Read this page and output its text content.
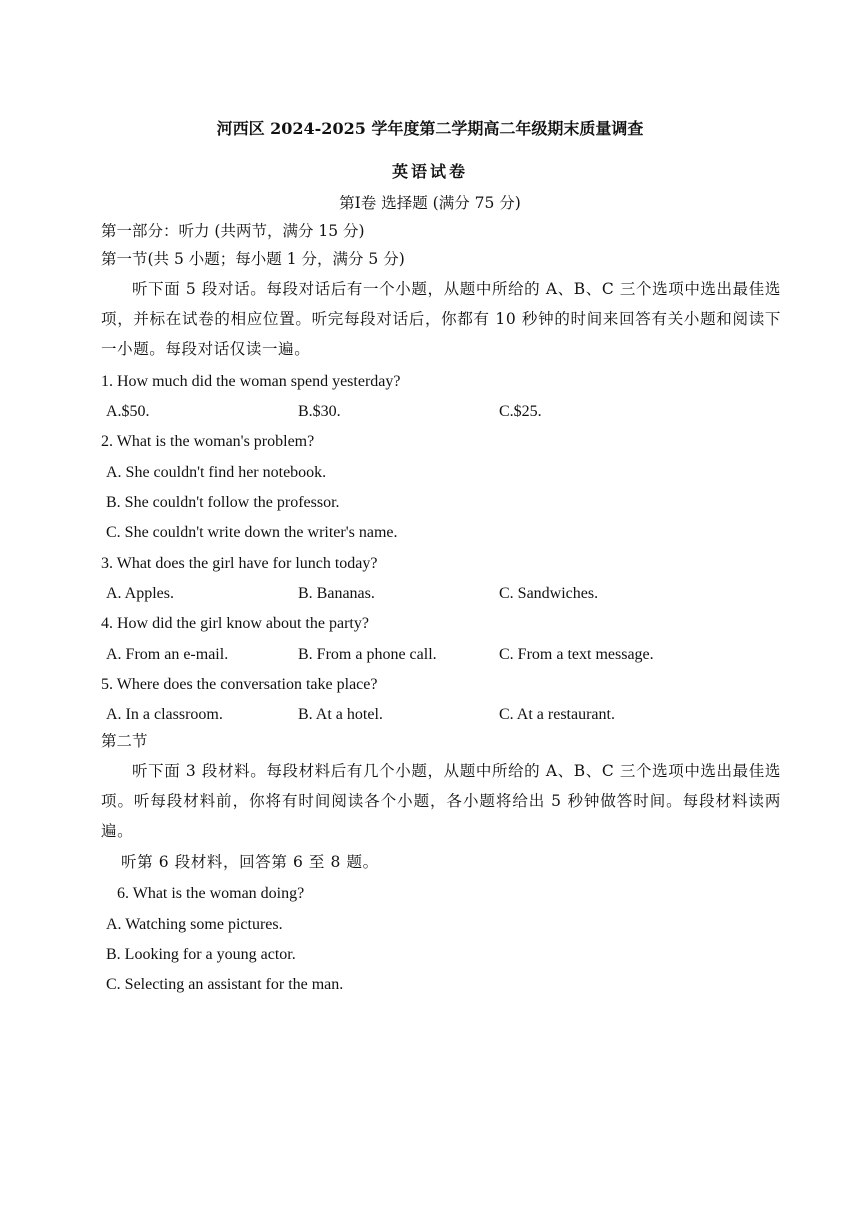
河西区 2024-2025 学年度第二学期高二年级期末质量调查
英语试卷
第Ⅰ卷 选择题 (满分 75 分)
第一部分：听力 (共两节，满分 15 分)
第一节(共 5 小题；每小题 1 分，满分 5 分)
听下面 5 段对话。每段对话后有一个小题，从题中所给的 A、B、C 三个选项中选出最佳选项，并标在试卷的相应位置。听完每段对话后，你都有 10 秒钟的时间来回答有关小题和阅读下一小题。每段对话仅读一遍。
1. How much did the woman spend yesterday?
A.$50.	B.$30.	C.$25.
2. What is the woman's problem?
A. She couldn't find her notebook.
B. She couldn't follow the professor.
C. She couldn't write down the writer's name.
3. What does the girl have for lunch today?
A. Apples.	B. Bananas.	C. Sandwiches.
4. How did the girl know about the party?
A. From an e-mail.	B. From a phone call.	C. From a text message.
5. Where does the conversation take place?
A. In a classroom.	B. At a hotel.	C. At a restaurant.
第二节
听下面 3 段材料。每段材料后有几个小题，从题中所给的 A、B、C 三个选项中选出最佳选项。听每段材料前，你将有时间阅读各个小题，各小题将给出 5 秒钟做答时间。每段材料读两遍。
听第 6 段材料，回答第 6 至 8 题。
6. What is the woman doing?
A. Watching some pictures.
B. Looking for a young actor.
C. Selecting an assistant for the man.
